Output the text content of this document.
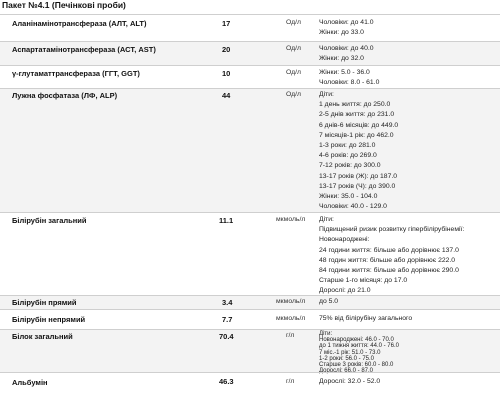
Пакет №4.1 (Печінкові проби)
Аланінамінотрансфераза (АЛТ, ALT)	17	Од/л	Чоловіки: до 41.0
Жінки: до 33.0
Аспартатамінотрансфераза (АСТ, AST)	20	Од/л	Чоловіки: до 40.0
Жінки: до 32.0
γ-глутаматтрансфераза (ГГТ, GGT)	10	Од/л	Жінки: 5.0 - 36.0
Чоловіки: 8.0 - 61.0
Лужна фосфатаза (ЛФ, ALP)	44	Од/л	Діти:
1 день життя: до 250.0
2-5 днів життя: до 231.0
6 днів-6 місяців: до 449.0
7 місяців-1 рік: до 462.0
1-3 роки: до 281.0
4-6 років: до 269.0
7-12 років: до 300.0
13-17 років (Ж): до 187.0
13-17 років (Ч): до 390.0
Жінки: 35.0 - 104.0
Чоловіки: 40.0 - 129.0
Білірубін загальний	11.1	мкмоль/л Діти:
Підвищений ризик розвитку гіпербілірубінемії:
Новонароджені:
24 години життя: більше або дорівнює 137.0
48 годин життя: більше або дорівнює 222.0
84 години життя: більше або дорівнює 290.0
Старше 1-го місяця: до 17.0
Дорослі: до 21.0
Білірубін прямий	3.4	мкмоль/л до 5.0
Білірубін непрямий	7.7	мкмоль/л 75% від білірубіну загального
Білок загальний	70.4	г/л	Діти:
Новонароджені: 46.0 - 70.0
до 1 тижня життя: 44.0 - 76.0
7 міс.-1 рік: 51.0 - 73.0
1-2 роки: 56.0 - 75.0
Старше 3 років: 60.0 - 80.0
Дорослі: 66.0 - 87.0
Альбумін	46.3	г/л	Дорослі: 32.0 - 52.0
